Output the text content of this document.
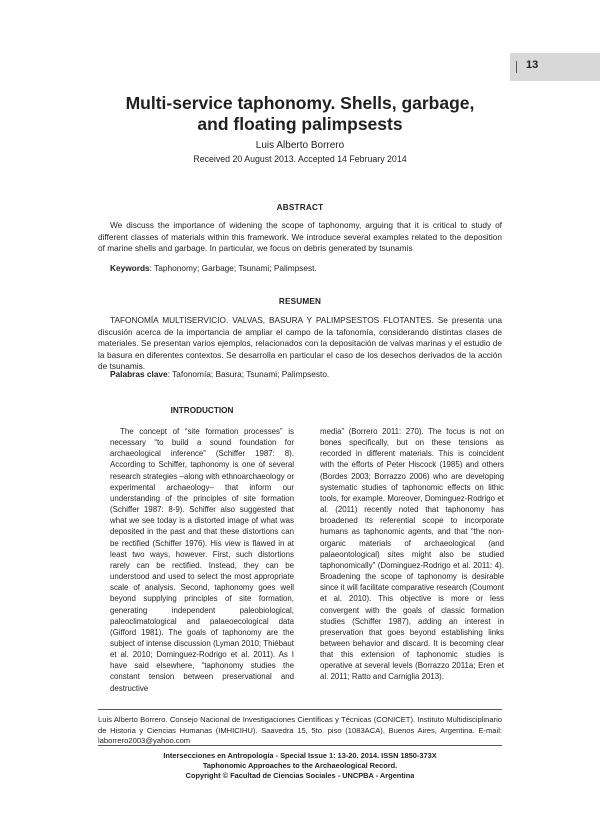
13
Multi-service taphonomy. Shells, garbage,
and floating palimpsests
Luis Alberto Borrero
Received 20 August 2013. Accepted 14 February 2014
ABSTRACT

We discuss the importance of widening the scope of taphonomy, arguing that it is critical to study of different classes of materials within this framework. We introduce several examples related to the deposition of marine shells and garbage. In particular, we focus on debris generated by tsunamis

Keywords: Taphonomy; Garbage; Tsunami; Palimpsest.
RESUMEN

TAFONOMÍA MULTISERVICIO. VALVAS, BASURA Y PALIMPSESTOS FLOTANTES. Se presenta una discusión acerca de la importancia de ampliar el campo de la tafonomía, considerando distintas clases de materiales. Se presentan varios ejemplos, relacionados con la depositación de valvas marinas y el estudio de la basura en diferentes contextos. Se desarrolla en particular el caso de los desechos derivados de la acción de tsunamis.

Palabras clave: Tafonomía; Basura; Tsunami; Palimpsesto.
INTRODUCTION

The concept of “site formation processes” is necessary “to build a sound foundation for archaeological inference” (Schiffer 1987: 8). According to Schiffer, taphonomy is one of several research strategies –along with ethnoarchaeology or experimental archaeology– that inform our understanding of the principles of site formation (Schiffer 1987: 8-9). Schiffer also suggested that what we see today is a distorted image of what was deposited in the past and that these distortions can be rectified (Schiffer 1976). His view is flawed in at least two ways, however. First, such distortions rarely can be rectified. Instead, they can be understood and used to select the most appropriate scale of analysis. Second, taphonomy goes well beyond supplying principles of site formation, generating independent paleobiological, paleoclimatological and palaeoecological data (Gifford 1981). The goals of taphonomy are the subject of intense discussion (Lyman 2010; Thiébaut et al. 2010; Dominguez-Rodrigo et al. 2011). As I have said elsewhere, “taphonomy studies the constant tension between preservational and destructive

media” (Borrero 2011: 270). The focus is not on bones specifically, but on these tensions as recorded in different materials. This is coincident with the efforts of Peter Hiscock (1985) and others (Bordes 2003; Borrazzo 2006) who are developing systematic studies of taphonomic effects on lithic tools, for example. Moreover, Dominguez-Rodrigo et al. (2011) recently noted that taphonomy has broadened its referential scope to incorporate humans as taphonomic agents, and that “the non-organic materials of archaeological (and palaeontological) sites might also be studied taphonomically” (Dominguez-Rodrigo et al. 2011: 4). Broadening the scope of taphonomy is desirable since it will facilitate comparative research (Coumont et al. 2010). This objective is more or less convergent with the goals of classic formation studies (Schiffer 1987), adding an interest in preservation that goes beyond establishing links between behavior and discard. It is becoming clear that this extension of taphonomic studies is operative at several levels (Borrazzo 2011a; Eren et al. 2011; Ratto and Carniglia 2013).

Luis Alberto Borrero. Consejo Nacional de Investigaciones Científicas y Técnicas (CONICET). Instituto Multidisciplinario de Historia y Ciencias Humanas (IMHICIHU). Saavedra 15, 5to. piso (1083ACA), Buenos Aires, Argentina. E-mail: laborrero2003@yahoo.com

Intersecciones en Antropología - Special Issue 1: 13-20. 2014. ISSN 1850-373X
Taphonomic Approaches to the Archaeological Record.
Copyright © Facultad de Ciencias Sociales - UNCPBA - Argentina
